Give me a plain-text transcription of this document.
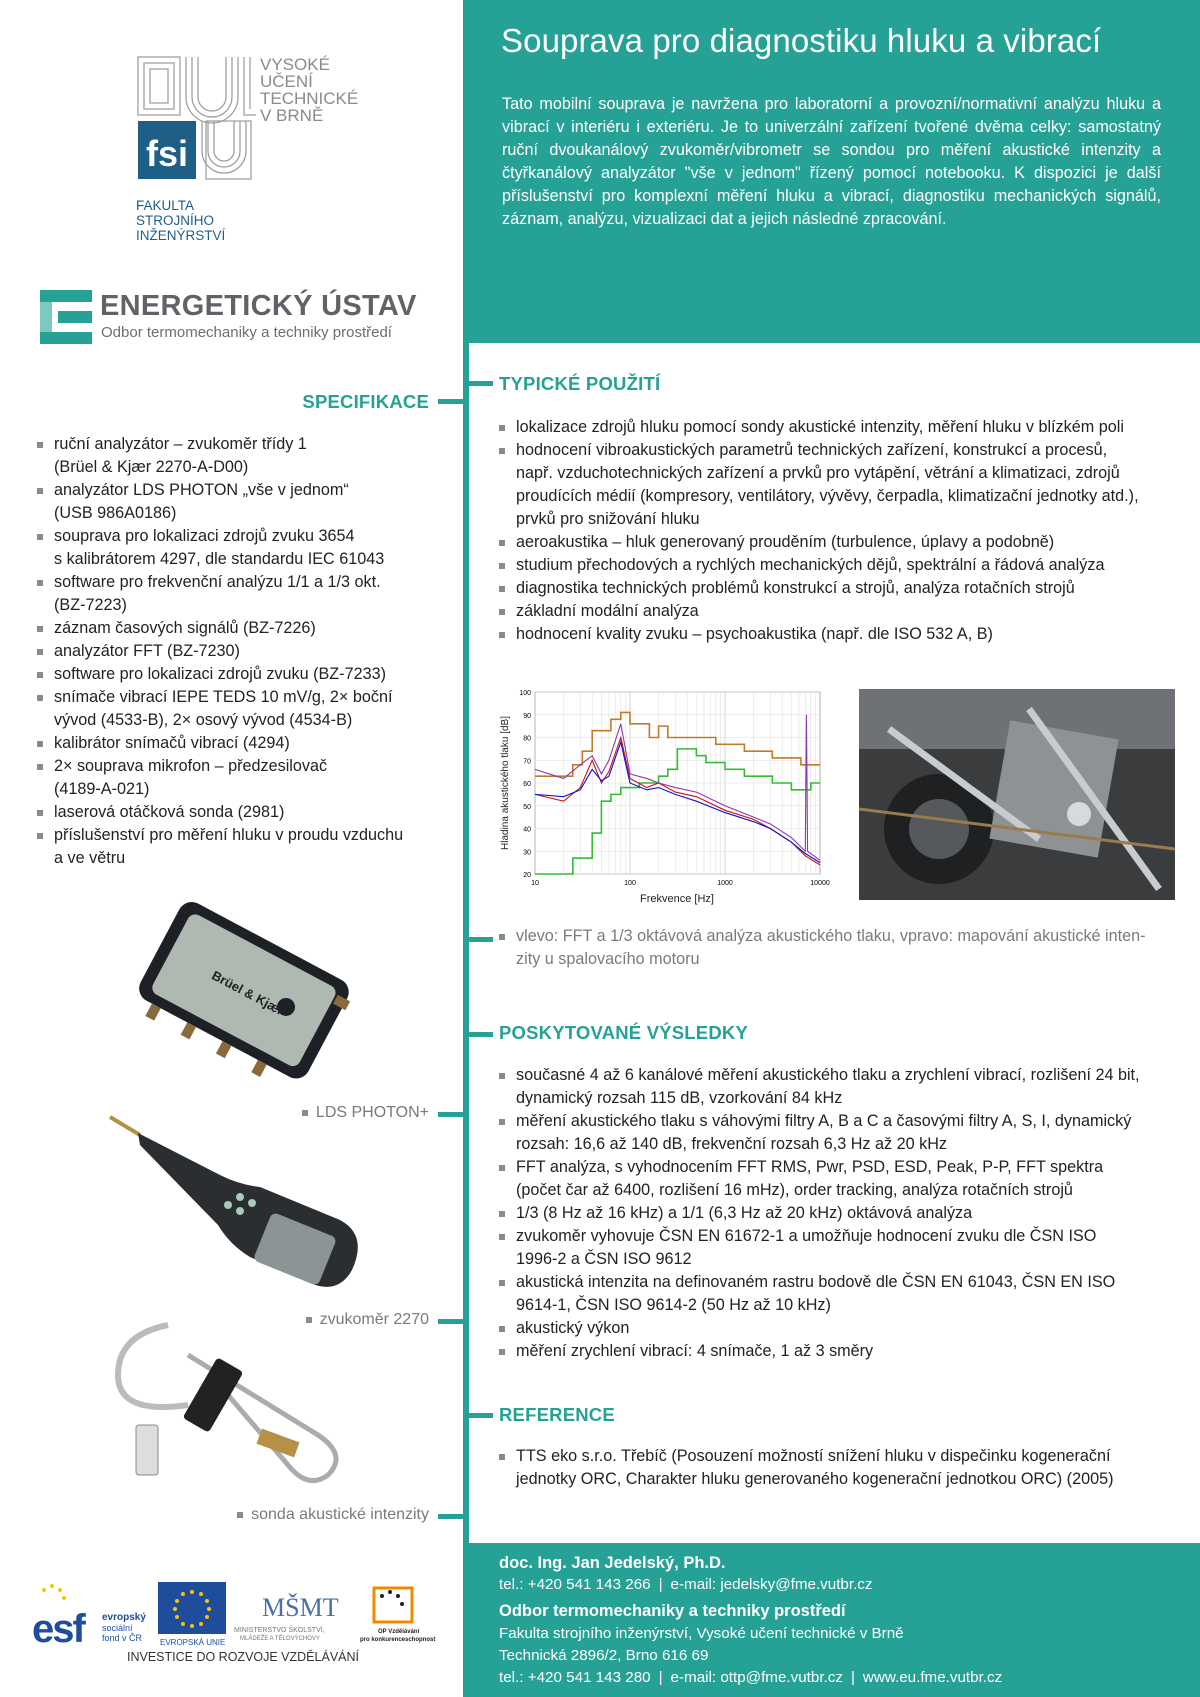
Souprava pro diagnostiku hluku a vibrací

Tato mobilní souprava je navržena pro laboratorní a provozní/normativní analýzu hluku a vibrací v interiéru i exteriéru. Je to univerzální zařízení tvořené dvěma celky: samostatný ruční dvoukanálový zvukoměr/vibrometr se sondou pro měření akustické intenzity a čtyřkanálový analyzátor "vše v jednom" řízený pomocí notebooku. K dispozici je další příslušenství pro komplexní měření hluku a vibrací, diagnostiku mechanických signálů, záznam, analýzu, vizualizaci dat a jejich následné zpracování.

fsi
VYSOKÉ
UČENÍ
TECHNICKÉ
V BRNĚ
FAKULTA
STROJNÍHO
INŽENÝRSTVÍ
ENERGETICKÝ ÚSTAV
Odbor termomechaniky a techniky prostředí
SPECIFIKACE
ruční analyzátor – zvukoměr třídy 1
(Brüel & Kjær 2270-A-D00)
analyzátor LDS PHOTON „vše v jednom“
(USB 986A0186)
souprava pro lokalizaci zdrojů zvuku 3654
s kalibrátorem 4297, dle standardu IEC 61043
software pro frekvenční analýzu 1/1 a 1/3 okt.
(BZ-7223)
záznam časových signálů (BZ-7226)
analyzátor FFT (BZ-7230)
software pro lokalizaci zdrojů zvuku (BZ-7233)
snímače vibrací IEPE TEDS 10 mV/g, 2× boční
vývod (4533-B), 2× osový vývod (4534-B)
kalibrátor snímačů vibrací (4294)
2× souprava mikrofon – předzesilovač
(4189-A-021)
laserová otáčková sonda (2981)
příslušenství pro měření hluku v proudu vzduchu
a ve větru
Brüel & Kjær
LDS PHOTON+
zvukoměr 2270
sonda akustické intenzity
TYPICKÉ POUŽITÍ
lokalizace zdrojů hluku pomocí sondy akustické intenzity, měření hluku v blízkém poli
hodnocení vibroakustických parametrů technických zařízení, konstrukcí a procesů,
např. vzduchotechnických zařízení a prvků pro vytápění, větrání a klimatizaci, zdrojů
proudících médií (kompresory, ventilátory, vývěvy, čerpadla, klimatizační jednotky atd.),
prvků pro snižování hluku
aeroakustika – hluk generovaný prouděním (turbulence, úplavy a podobně)
studium přechodových a rychlých mechanických dějů, spektrální a řádová analýza
diagnostika technických problémů konstrukcí a strojů, analýza rotačních strojů
základní modální analýza
hodnocení kvality zvuku – psychoakustika (např. dle ISO 532 A, B)
10	100	1000	10000
20
30
40
50
60
70
80
90
100
Frekvence [Hz]
Hladina akustického tlaku [dB]
vlevo: FFT a 1/3 oktávová analýza akustického tlaku, vpravo: mapování akustické inten-
zity u spalovacího motoru
POSKYTOVANÉ VÝSLEDKY
současné 4 až 6 kanálové měření akustického tlaku a zrychlení vibrací, rozlišení 24 bit,
dynamický rozsah 115 dB, vzorkování 84 kHz
měření akustického tlaku s váhovými filtry A, B a C a časovými filtry A, S, I, dynamický
rozsah: 16,6 až 140 dB, frekvenční rozsah 6,3 Hz až 20 kHz
FFT analýza, s vyhodnocením FFT RMS, Pwr, PSD, ESD, Peak, P-P, FFT spektra
(počet čar až 6400, rozlišení 16 mHz), order tracking, analýza rotačních strojů
1/3 (8 Hz až 16 kHz) a 1/1 (6,3 Hz až 20 kHz) oktávová analýza
zvukoměr vyhovuje ČSN EN 61672-1 a umožňuje hodnocení zvuku dle ČSN ISO
1996-2 a ČSN ISO 9612
akustická intenzita na definovaném rastru bodově dle ČSN EN 61043, ČSN EN ISO
9614-1, ČSN ISO 9614-2 (50 Hz až 10 kHz)
akustický výkon
měření zrychlení vibrací: 4 snímače, 1 až 3 směry
REFERENCE
TTS eko s.r.o. Třebíč (Posouzení možností snížení hluku v dispečinku kogenerační
jednotky ORC, Charakter hluku generovaného kogenerační jednotkou ORC) (2005)
doc. Ing. Jan Jedelský, Ph.D.
tel.: +420 541 143 266 | e-mail: jedelsky@fme.vutbr.cz
Odbor termomechaniky a techniky prostředí
Fakulta strojního inženýrství, Vysoké učení technické v Brně
Technická 2896/2, Brno 616 69
tel.: +420 541 143 280 | e-mail: ottp@fme.vutbr.cz | www.eu.fme.vutbr.cz
esf evropský
sociální
fond v ČR EVROPSKÁ UNIE
MŠMT
MINISTERSTVO ŠKOLSTVÍ,
MLÁDEŽE A TĚLOVÝCHOVY
OP Vzdělávání
pro konkurenceschopnost
INVESTICE DO ROZVOJE VZDĚLÁVÁNÍ
